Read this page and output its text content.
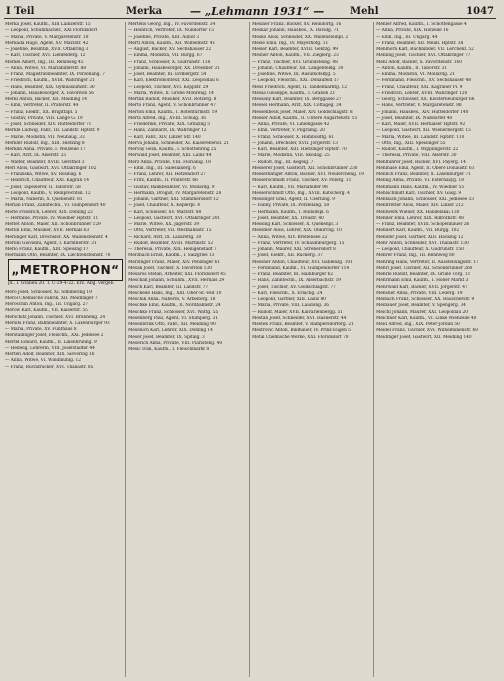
I Teil	Merka	— „Lehmann 1931“ —	Mehl	1047
Merka Josef, Kaufm., XIII Lainzerstr. 15
— Leopold, Schuhmacher., XXI Floridsdorf
— Maria, Private, V. Margaretenstr. 18
Merkada Hugo, Agent, XV. Märzstr. 42
— Josefine, Beamtin, XVII. Ottakring 3
— Karl, Tischler, XVI. Lienfelderg. 12
Merkel Albert, Ing., III. Rennweg 45
— Anna, Witwe, VI. Mariahilferstr. 88
— Franz, Magistratsbeamter, IX. Porzellang. 7
— Friedrich, Kaufm., XVIII. Währinger 21
— Hans, Beamter, XIX. Gymnasiumstr. 30
— Johann, Hausbesorger, X. Favoriten 56
Merkl Anton, Bäcker, XII. Meidling 14
— Emil, Vertreter, II. Praterstr. 44
— Franz, Elektr., XX. Brigittapl. 5
— Gustav, Private, VIII. Lange G. 19
— Josef, Schneider, XIV. Hütteldorfer 71
Merkle Ludwig, Fabr., III. Landstr. Hptstr. 9
— Marie, Modistin, VII. Neubaug. 33
Merkler Rudolf, Ing., XIII. Hietzing 8
Merklin Anna, Private, I. Wollzeile 17
— Karl, Arzt, IX. Alserstr. 25
— Walter, Beamter, XVIII. Gersthof 3
Merl Alois, Gastwirt, XVI. Ottakringer 102
— Franziska, Witwe, XV. Rosinag. 6
— Heinrich, Chauffeur, XXI. Kagran 14
— Josef, Tapezierer, II. Taborstr. 58
— Leopold, Kaufm., V. Reinprechtsd. 12
— Maria, Näherin, X. Quellenstr. 81
Merlan Franz, Zahntechn., VI. Gumpendorf 40
Merle Friedrich, Lehrer, XIX. Döbling 22
— Hermine, Private, IV. Wiedner Hptstr. 11
Merlet Anton, Maler, XII. Schönbrunner 129
Merlin Emil, Musiker, XVII. Hernals 63
Merlinger Karl, Drechsler, XX. Wallensteinstr. 4
Merlini Giovanni, Agent, I. Kärntnerstr. 31
Merlo Franz, Kaufm., XIII. Speising 17
Mermann Otto, Beamter, IX. Liechtensteinstr. 70
Mero Josef, Schlosser, XI. Simmering 19
Merol Chemische Fabrik, XII. Meidlinger 7
Meroschin Anton, Ing., III. Ungarg. 27
Merow Karl, Kaufm., VII. Kaiserstr. 55
Merschitz Johann, Tischler, XVI. Brunneng. 24
Mersits Franz, Bahnbeamter, X. Laxenburger 93
— Maria, Private, XV. Fünfhaus 8
Merstallinger Josef, Fleischh., XXI. Jedlesee 2
Mertel Eduard, Kaufm., II. Lilienbrunng. 9
— Hedwig, Lehrerin, VIII. Josefstädter 44
Merten Adolf, Beamter, XIX. Sievering 16
— Anna, Witwe, VI. Windmühlg. 12
— Franz, Buchdrucker, XVI. Thaliastr. 85
Mertens Georg, Ing., IV. Favoritenstr. 34
— Heinrich, Vertreter, IX. Nußdorfer 15
— Josefine, Private, XIII. Auhof 3
Mertl Anton, Kaufm., XII. Wilhelmstr. 41
— August, Bäcker, XV. Sechshauser 22
— Emma, Modistin, VII. Burgg. 67
— Franz, Schlosser, X. Gudrunstr. 118
— Johann, Hausbesorger, XX. Dresdner 31
— Josef, Beamter, III. Erdbergstr. 54
— Karl, Elektromonteur, XXI. Leopoldau 6
— Leopold, Tischler, XVI. Koppstr. 29
— Maria, Witwe, II. Große Mohreng. 14
Mertlik Rudolf, Musiker, XVII. Rötzerg. 8
Merto Franz, Agent, V. Schönbrunner 47
Merton Emil, Kaufm., I. Rotenturmstr. 19
Mertz Alfred, Ing., XVIII. Schulg. 36
— Friederike, Private, XIX. Grinzing 5
— Hans, Zahnarzt, IX. Währinger 12
— Karl, Fabr., XIV. Linzer Str. 140
Merva Johann, Schneider, XI. Kaiserebersd. 21
Mervay Géza, Kaufm., I. Schottenring 25
Merwald Josef, Beamter, XIII. Lainz 44
Merz Anna, Private, VIII. Florianig. 18
— Emil, Ing., III. Salesianerg. 6
— Franz, Lehrer, XII. Hetzendorf 27
— Fritz, Kaufm., II. Praterstr. 66
— Gustav, Bankbeamter, VI. Mollardg. 9
— Hermann, Drogist, IV. Margaretenstr. 28
— Johann, Gärtner, XXI. Stammersdorf 12
— Josef, Chauffeur, X. Keplerpl. 4
— Karl, Schlosser, XV. Märzstr. 88
— Leopold, Gastwirt, XVI. Ottakringer 201
— Marie, Witwe, XX. Jägerstr. 39
— Otto, Vertreter, VII. Westbahnstr. 15
— Richard, Arzt, IX. Lazarettg. 20
— Rudolf, Beamter, XVIII. Martinstr. 52
— Theresia, Private, XIX. Heiligenstadt 7
Merzbach Ernst, Kaufm., I. Salzgries 13
Merzinger Franz, Maler, XIV. Penzinger 61
Mesak Josef, Tischler, X. Favoriten 130
Mesaros Stefan, Arbeiter, XXI. Floridsdorf 45
Meschan Johann, Schuhm., XVII. Hernals 29
Mesch Karl, Beamter, III. Landstr. 77
Meschede Hans, Ing., XIII. Ober-St.-Veit 10
Meschik Anna, Näherin, V. Arbeiterg. 18
Meschke Emil, Kaufm., II. Nordbahnstr. 24
Meschko Franz, Schlosser, XVI. Wattg. 55
Mesenberg Paul, Agent, VI. Stumperg. 31
Mesenbrink Otto, Fabr., XII. Meidling 90
Mesenich Karl, Lehrer, XIX. Döbling 14
Meser Josef, Beamter, IX. Spitalg. 3
Meserich Anna, Private, VIII. Piaristeng. 40
Mesić Ivan, Kaufm., I. Fleischmarkt 8
Mesiner Franz, Bäcker, XV. Reindorfg. 16
Meskar Johann, Hausbes., X. Davidg. 71
Mesko Alois, Schneider, XX. Wallensteinpl. 2
Meslé Emil, Ing., IV. Mayerhofg. 11
Mesler Karl, Beamter, XVIII. Gentzg. 99
Mesner Anton, Kaufm., VII. Zieglerg. 23
— Franz, Tischler, XVI. Grundsteing. 48
— Johann, Chauffeur, XII. Längenfeldg. 30
— Josefine, Witwe, III. Rasumofskyg. 5
— Leopold, Fleischh., XXI. Donaufeld 17
Mess Friedrich, Agent, II. Tandelmarktg. 12
Messa Giuseppe, Kaufm., I. Graben 21
Messany Karl, Beamter, IX. Berggasse 27
Messel Hermann, Arzt, XIX. Cottageg. 34
Messenbeck Josef, Maler, XIV. Goldschlagstr. 8
Messer Adolf, Kaufm., II. Untere Augartenstr. 15
— Anna, Private, VI. Liniengasse 42
— Emil, Vertreter, V. Pilgramg. 20
— Franz, Schlosser, X. Humboldtg. 61
— Johann, Drechsler, XVII. Jörgerstr. 13
— Karl, Beamter, XIII. Hietzinger Hptstr. 70
— Marie, Modistin, VIII. Skodag. 25
— Rudolf, Ing., III. Kegelg. 7
Messerer Josef, Gastwirt, XII. Schönbrunner 230
Messerklinger Anton, Bäcker, XVI. Neulercheng. 19
Messerschmidt Franz, Tischler, XV. Pillerg. 11
— Karl, Kaufm., VII. Mariahilfer 98
Messerschmitt Otto, Ing., XVIII. Kutscherg. 4
Messinger Emil, Agent, II. Czerning. 9
— Fanny, Private, IX. Porzellang. 58
— Hermann, Kaufm., I. Rudolfspl. 6
— Josef, Beamter, XX. Treustr. 40
Messing Karl, Schlosser, X. Quellenpl. 3
Messmer Alois, Lehrer, XIX. Obkirchg. 10
— Anna, Witwe, XIV. Breitensee 22
— Franz, Vertreter, IV. Schaumburgerg. 15
— Johann, Maurer, XXI. Strebersdorf 8
— Josef, Elektr., XII. Ruckerg. 37
Messner Anton, Chauffeur, XVI. Gablenzg. 101
— Ferdinand, Kaufm., VI. Gumpendorfer 114
— Franz, Beamter, III. Hainburger 62
— Hans, Zahntechn., IX. Alserbachstr. 19
— Josef, Tischler, XV. Goldschlagstr. 77
— Karl, Fleischh., X. Erlachg. 24
— Leopold, Gärtner, XIII. Lainz 80
— Maria, Private, VIII. Laudong. 36
— Rudolf, Maler, XVII. Kalvarienbergg. 51
Mestan Josef, Schneider, XVI. Hasnerstr. 44
Mestek Franz, Beamter, V. Rampersdorferg. 21
Mestrović Anton, Bildhauer, IV. Prinz-Eugen 5
Metal Chemische Werke, XXI. Floridsdorf 70
Mehler Alfred, Kaufm., I. Schottengasse 4
— Anna, Private, XIX. Hofzeile 16
— Emil, Ing., III. Ungarg. 44
— Franz, Beamter, XII. Meidl. Hptstr. 38
Mehlhorn Karl, Buchbinder, VII. Lerchenf. 52
Mehling Josef, Tischler, XVI. Ottakringer 77
Mehl Adolf, Bäcker, X. Favoritenstr. 160
— Anton, Kaufm., II. Taborstr. 31
— Emma, Modistin, VI. Mollardg. 21
— Ferdinand, Fleischh., XV. Sechshauser 48
— Franz, Chauffeur, XXI. Kagraner Pl. 9
— Friedrich, Lehrer, XVIII. Währinger 120
— Georg, Schlosser, XX. Klosterneuburger 66
— Hans, Vertreter, V. Margaretenstr. 88
— Johann, Hausbes., XIV. Hütteldorfer 140
— Josef, Beamter, IX. Nußdorfer 40
— Karl, Maler, XVII. Hernalser Hptstr. 92
— Leopold, Gastwirt, XII. Wienerbergstr. 15
— Maria, Witwe, III. Landstr. Hptstr. 110
— Otto, Ing., XIII. Speisinger 55
— Rudolf, Kaufm., I. Wipplingerstr. 22
— Theresia, Private, VIII. Alserstr. 30
Mehlführer Josef, Bäcker, XVI. Payerg. 14
Mehlhase Emil, Agent, II. Obere Donaustr. 61
Mehlich Franz, Beamter, X. Laxenburger 71
Mehlig Anna, Private, VI. Esterhazyg. 18
Mehlmann Hans, Kaufm., IV. Wiedner 55
Mehlschmidt Karl, Tischler, XV. Gasg. 9
Mehlsack Johann, Schlosser, XXI. Jedlesee 33
Mehltretter Alois, Maler, XIV. Linzer 212
Mehlwerk Wiener, XX. Handelskai 130
Mehner Emil, Lehrer, XIX. Billrothstr. 48
— Franz, Beamter, XVIII. Schopenhauer 26
Mehnert Karl, Kaufm., VII. Burgg. 102
Mehofer Josef, Gärtner, XIII. Hacking 12
Mehr Anton, Schneider, XVI. Thaliastr. 130
— Leopold, Chauffeur, X. Gudrunstr. 150
Mehrer Franz, Ing., III. Rennweg 80
Mehring Hans, Vertreter, II. Ausstellungsstr. 17
Mehrl Josef, Tischler, XII. Schönbrunner 260
Mehrle Rudolf, Beamter, IX. Grüne Torg. 11
Mehrmann Emil, Kaufm., I. Hoher Markt 3
Mehrwald Karl, Bäcker, XVII. Jörgerstr. 47
Mehsner Anna, Private, VIII. Lederg. 19
Meibach Franz, Schlosser, XX. Rauscherstr. 9
Meibauer Josef, Beamter, V. Spengerg. 34
Meichl Johann, Maurer, XXI. Leopoldau 20
Meichner Karl, Kaufm., VI. Linke Wienzeile 40
Meid Alfred, Ing., XIX. Peter-Jordan 50
Meidel Franz, Tischler, XVI. Wilhelminenstr. 60
Meidinger Josef, Gastwirt, XII. Meidling 140
„METROPHON“
pf., I. Graben 20. T. U-29-4-22. Erz. Abg. vergeb.
